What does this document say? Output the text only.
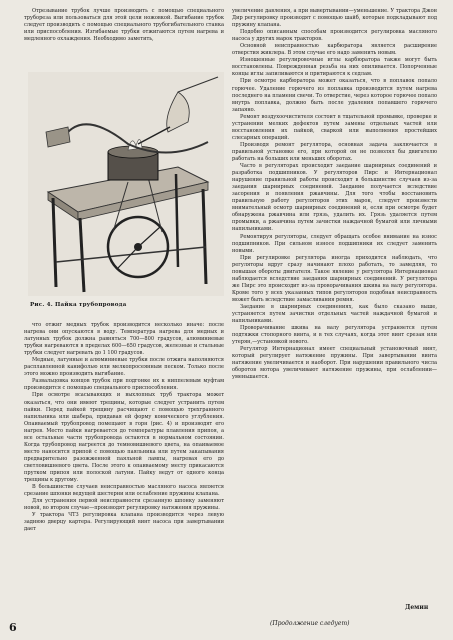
Отрезывание трубок лучше производить с помощью специального трубореза или пользоваться для этой цели ножовкой. Выгибание трубок следует производить с помощью специального трубогибательного станка или приспособления. Изгибаемые трубки отжигаются путем нагрева и медленного охлаждения. Необходимо заметить,

Рис. 4. Пайка трубопровода

что отжиг медных трубок производится несколько иначе: после нагрева они опускаются в воду. Температура нагрева для медных и латунных трубок должна равняться 700—800 градусов, алюминиевые трубки нагреваются в пределах 600—650 градусов, железные и стальные трубки следует нагревать до 1 100 градусов.

Медные, латунные и алюминиевые трубки после отжига наполняются расплавленной канифолью или мелкопросеянным песком. Только после этого можно производить выгибание.

Развальцовка концов трубок при подгонке их к ниппелевым муфтам производится с помощью специального приспособления.

При осмотре всасывающих и выхлопных труб трактора может оказаться, что они имеют трещины, которые следует устранить путем пайки. Перед пайкой трещину расчищают с помощью трехгранного напильника или шабера, придавая ей форму конического углубления. Опаиваемый трубопровод помещают в горн (рис. 4) и производят его нагрев. Место пайки нагревается до температуры плавления припоя, а все остальные части трубопровода остаются в нормальном состоянии. Когда трубопровод нагреется до темновишневого цвета, на опаиваемое место наносится припой с помощью паяльника или путем закапывания предварительно разожженной паяльной лампы, нагревая его до светловишневого цвета. После этого к опаиваемому месту прикасаются прутком припоя или полоской латуни. Пайку ведут от одного конца трещины к другому.

В большинстве случаев неисправностью масляного насоса является срезание шпонки ведущей шестерни или ослабление пружины клапана.

Для устранения первой неисправности срезанную шпонку заменяют новой, во втором случае—производят регулировку натяжения пружины.

У трактора ЧТЗ регулировка клапана производится через левую заднюю дверцу картера. Регулирующий винт насоса при завертывании дает

увеличение давления, а при вывертывании—уменьшение. У трактора Джон Дир регулировку производят с помощью шайб, которые подкладывают под пружину клапана.

Подобно описанным способам производится регулировка масляного насоса у других марок тракторов.

Основной неисправностью карбюратора является расширение отверстия жиклера. В этом случае его надо заменить новым.

Изношенные регулировочные иглы карбюратора также могут быть восстановлены. Поврежденная резьба на них опиливается. Попорченные концы иглы запиливаются и притираются к седлам.

При осмотре карбюратора может оказаться, что в поплавок попало горючее. Удаление горючего из поплавка производится путем нагрева последнего на пламени свечи. То отверстие, через которое горючее попало внутрь поплавка, должно быть после удаления попавшего горючего запаяно.

Ремонт воздухоочистителя состоит в тщательной промывке, проверке и устранении мелких дефектов путем замены отдельных частей или восстановления их пайкой, сваркой или выполнения простейших слесарных операций.

Производя ремонт регулятора, основная задача заключается в правильной установке его, при которой он не позволял бы двигателю работать на больших или меньших оборотах.

Часто в регуляторах происходит заедание шарнирных соединений и разработка подшипников. У регуляторов Пирс и Интернационал нарушение правильной работы происходит в большинстве случаев из-за заедания шарнирных соединений. Заедание получается вследствие засорения и появления ржавчины. Для того чтобы восстановить правильную работу регуляторов этих марок, следует произвести внимательный осмотр шарнирных соединений и, если при осмотре будет обнаружена ржавчина или грязь, удалить их. Грязь удаляется путем промывки, а ржавчина путем зачистки наждачной бумагой или личными напильниками.

Ремонтируя регуляторы, следует обращать особое внимание на износ подшипников. При сильном износе подшипники их следует заменить новыми.

При регулировке регулятора иногда приходится наблюдать, что регуляторы вдруг сразу начинают плохо работать, то замедляя, то повышая обороты двигателя. Такое явление у регулятора Интернационал наблюдается вследствие заедания шарнирных соединений. У регулятора же Пирс это происходит из-за проворачивания шкива на валу регулятора. Кроме того у всех указанных типов регуляторов подобная неисправность может быть вследствие замасливания ремня.

Заедание в шарнирных соединениях, как было сказано выше, устраняется путем зачистки отдельных частей наждачной бумагой и напильниками.

Проворачивание шкива на валу регулятора устраняется путем подтяжки стопорного винта, и в тех случаях, когда этот винт срезан или утерян,—установкой нового.

Регулятор Интернационал имеет специальный установочный винт, который регулирует натяжение пружины. При завертывании винта натяжение увеличивается и наоборот. При нарушении правильного числа оборотов мотора увеличивают натяжение пружины, при ослаблении—уменьшается.

Демин
(Продолжение следует)
6
